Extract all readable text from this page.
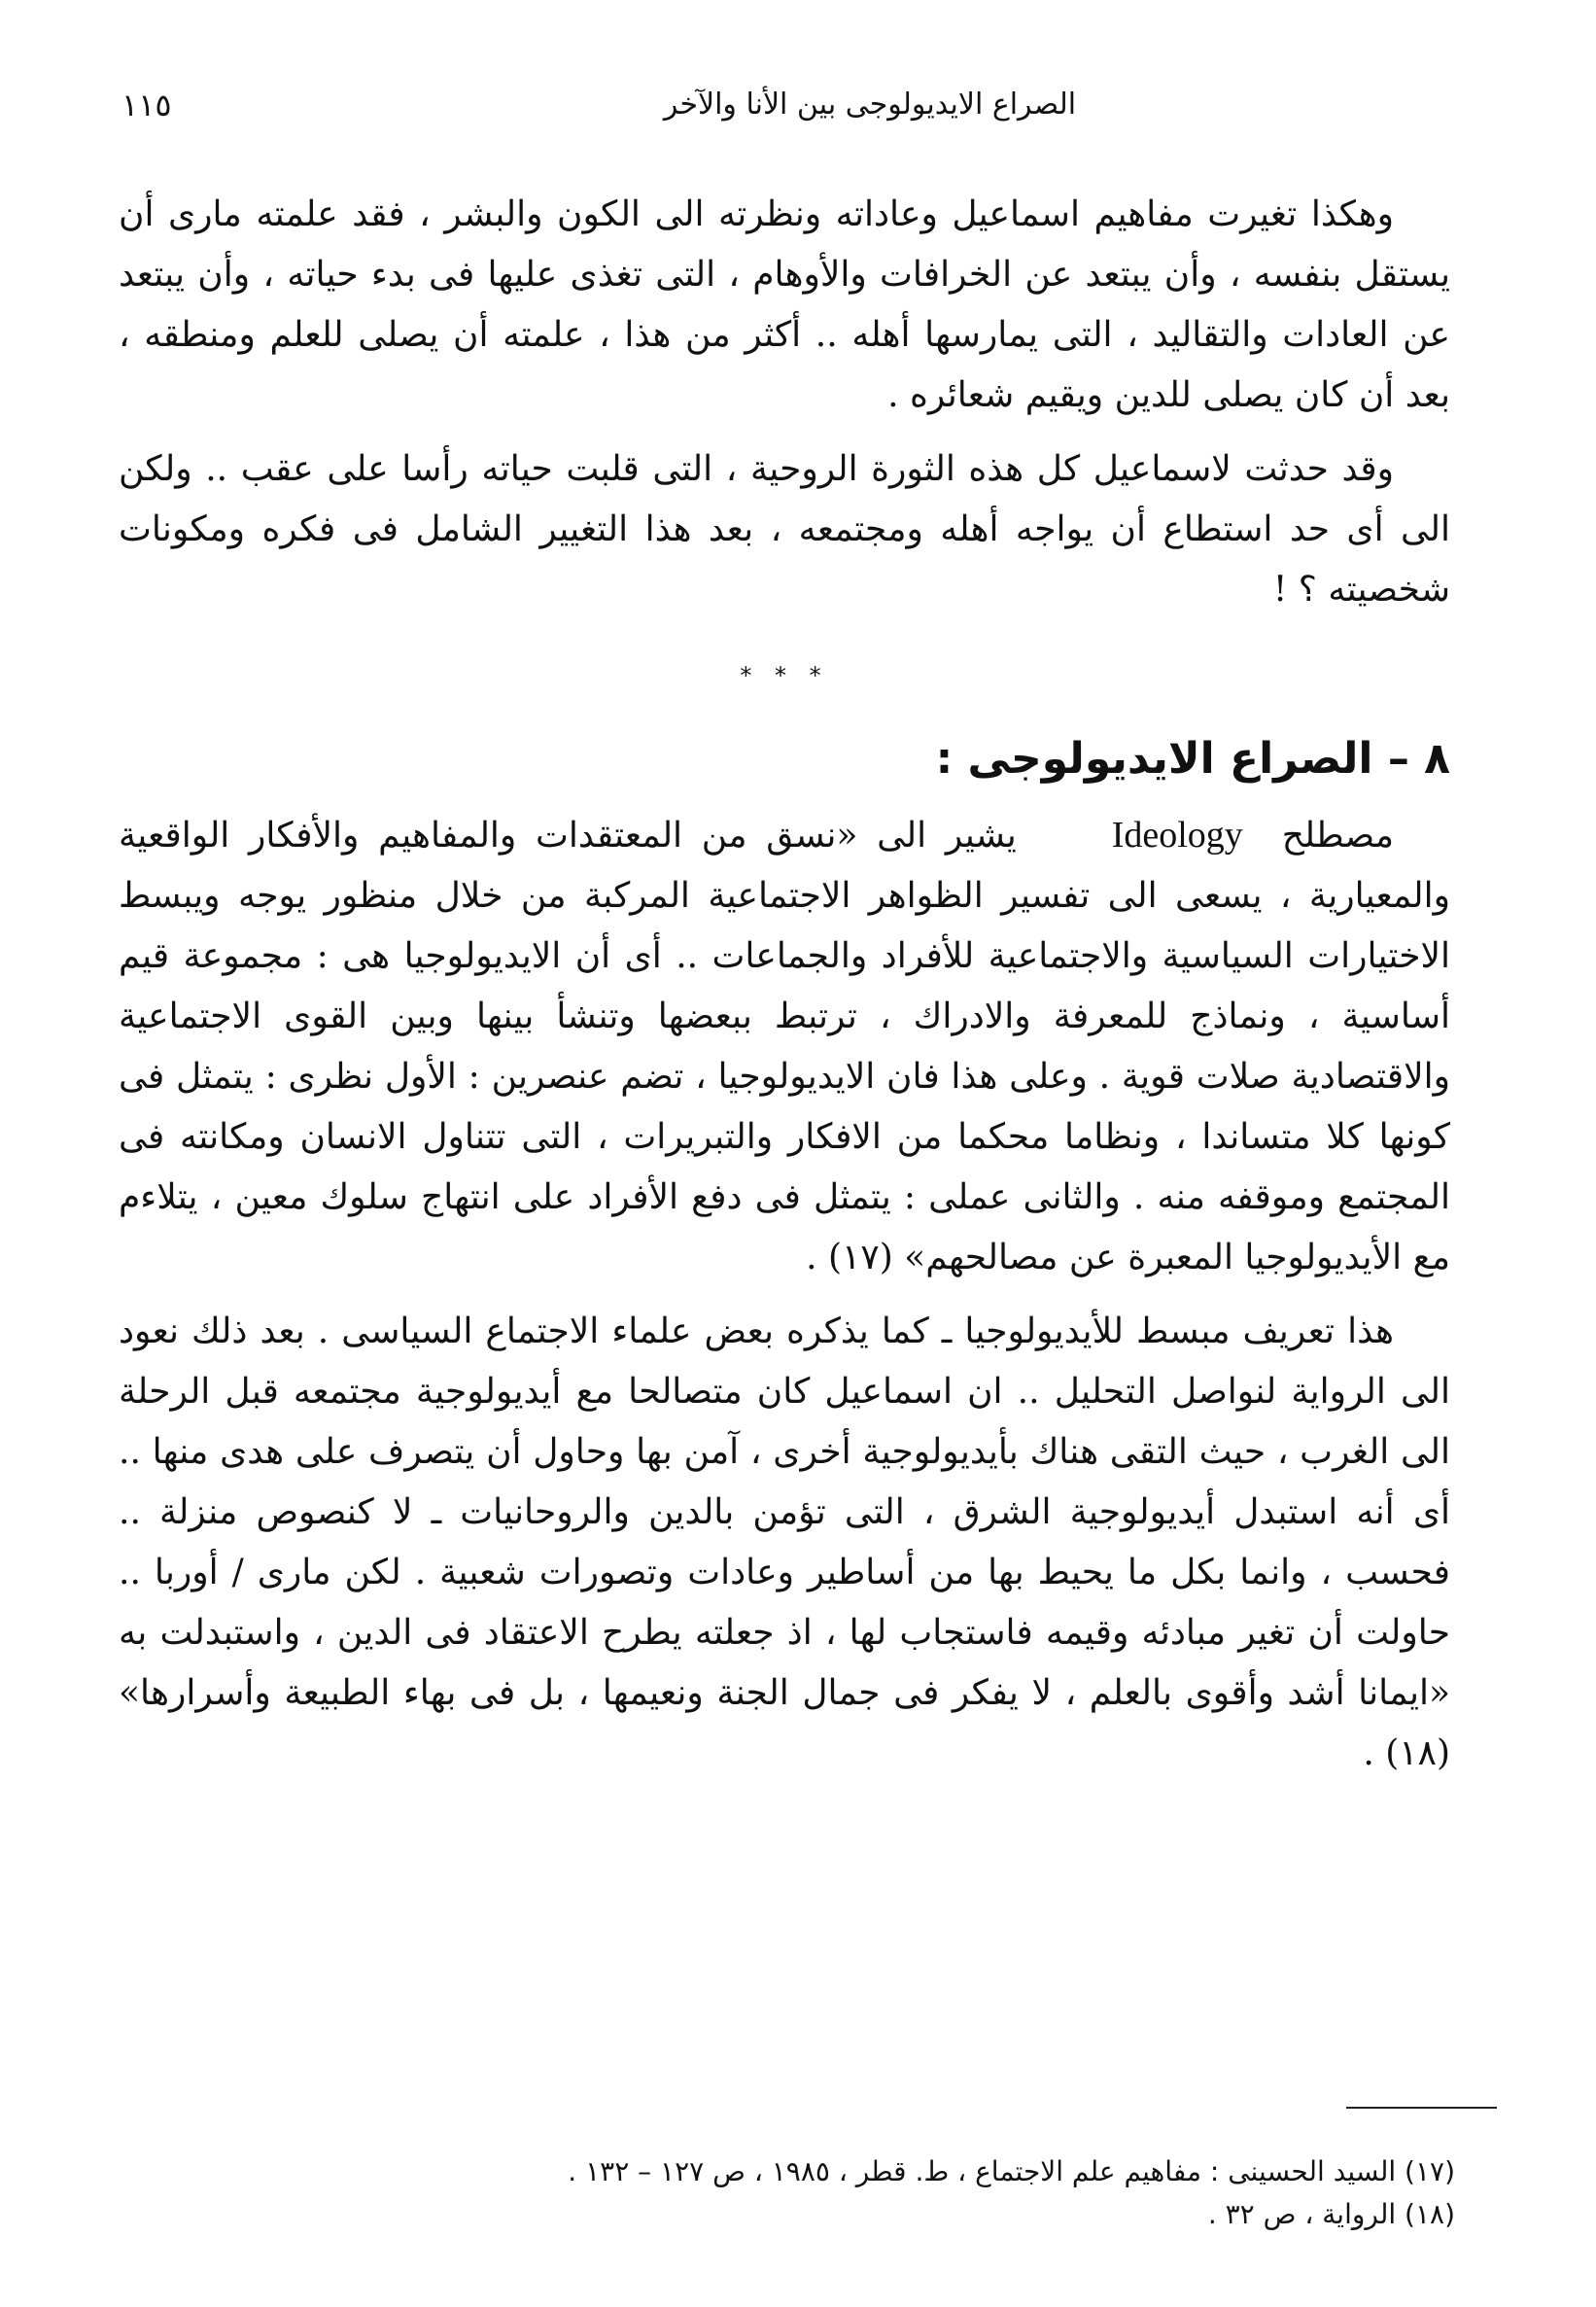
١١٥	الصراع الايديولوجى بين الأنا والآخر

وهكذا تغيرت مفاهيم اسماعيل وعاداته ونظرته الى الكون والبشر ، فقد علمته مارى أن يستقل بنفسه ، وأن يبتعد عن الخرافات والأوهام ، التى تغذى عليها فى بدء حياته ، وأن يبتعد عن العادات والتقاليد ، التى يمارسها أهله .. أكثر من هذا ، علمته أن يصلى للعلم ومنطقه ، بعد أن كان يصلى للدين ويقيم شعائره .

وقد حدثت لاسماعيل كل هذه الثورة الروحية ، التى قلبت حياته رأسا على عقب .. ولكن الى أى حد استطاع أن يواجه أهله ومجتمعه ، بعد هذا التغيير الشامل فى فكره ومكونات شخصيته ؟ !

* * *
٨ – الصراع الايديولوجى :

مصطلحIdeologyيشير الى «نسق من المعتقدات والمفاهيم والأفكار الواقعية والمعيارية ، يسعى الى تفسير الظواهر الاجتماعية المركبة من خلال منظور يوجه ويبسط الاختيارات السياسية والاجتماعية للأفراد والجماعات .. أى أن الايديولوجيا هى : مجموعة قيم أساسية ، ونماذج للمعرفة والادراك ، ترتبط ببعضها وتنشأ بينها وبين القوى الاجتماعية والاقتصادية صلات قوية . وعلى هذا فان الايديولوجيا ، تضم عنصرين : الأول نظرى : يتمثل فى كونها كلا متساندا ، ونظاما محكما من الافكار والتبريرات ، التى تتناول الانسان ومكانته فى المجتمع وموقفه منه . والثانى عملى : يتمثل فى دفع الأفراد على انتهاج سلوك معين ، يتلاءم مع الأيديولوجيا المعبرة عن مصالحهم» (١٧) .

هذا تعريف مبسط للأيديولوجيا ـ كما يذكره بعض علماء الاجتماع السياسى . بعد ذلك نعود الى الرواية لنواصل التحليل .. ان اسماعيل كان متصالحا مع أيديولوجية مجتمعه قبل الرحلة الى الغرب ، حيث التقى هناك بأيديولوجية أخرى ، آمن بها وحاول أن يتصرف على هدى منها .. أى أنه استبدل أيديولوجية الشرق ، التى تؤمن بالدين والروحانيات ـ لا كنصوص منزلة .. فحسب ، وانما بكل ما يحيط بها من أساطير وعادات وتصورات شعبية . لكن مارى / أوربا .. حاولت أن تغير مبادئه وقيمه فاستجاب لها ، اذ جعلته يطرح الاعتقاد فى الدين ، واستبدلت به «ايمانا أشد وأقوى بالعلم ، لا يفكر فى جمال الجنة ونعيمها ، بل فى بهاء الطبيعة وأسرارها» (١٨) .

(١٧) السيد الحسينى : مفاهيم علم الاجتماع ، ط. قطر ، ١٩٨٥ ، ص ١٢٧ – ١٣٢ .

(١٨) الرواية ، ص ٣٢ .
